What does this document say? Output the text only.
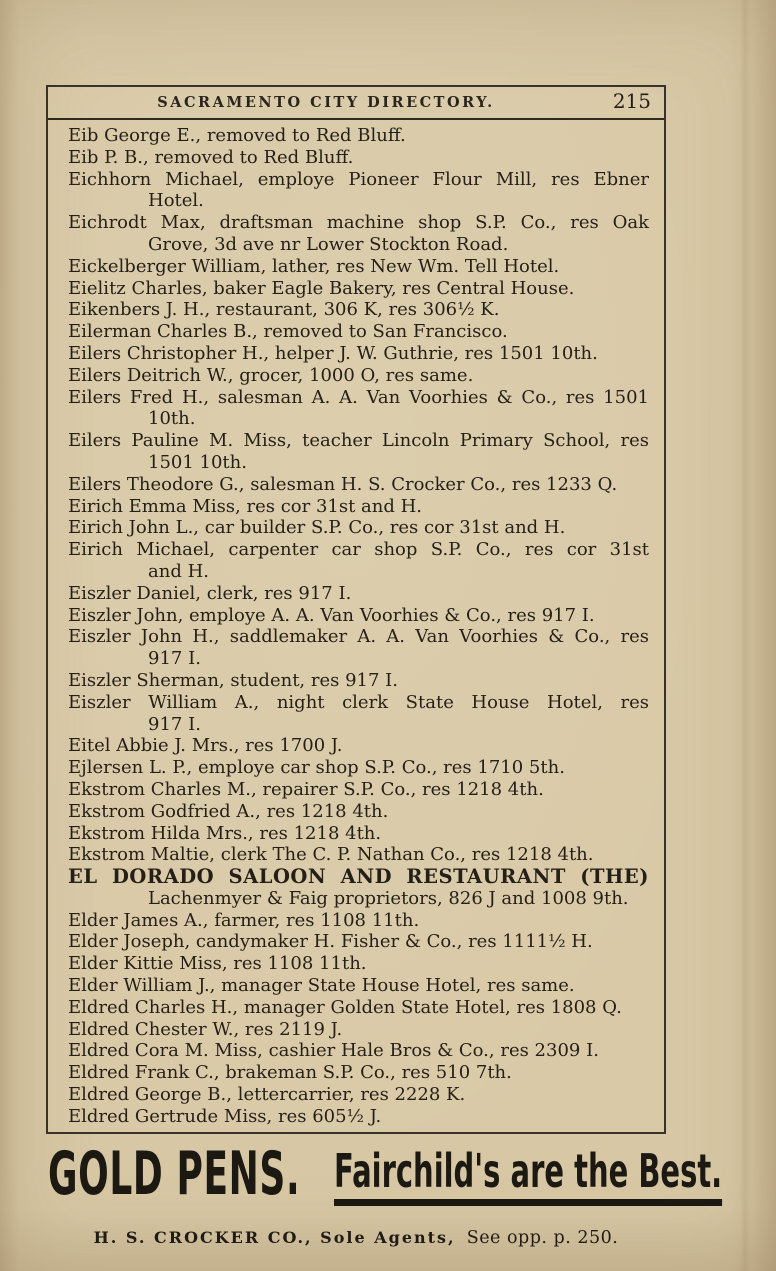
SACRAMENTO CITY DIRECTORY.	215
Eib George E., removed to Red Bluff.
Eib P. B., removed to Red Bluff.
Eichhorn Michael, employe Pioneer Flour Mill, res Ebner
Hotel.
Eichrodt Max, draftsman machine shop S.P. Co., res Oak
Grove, 3d ave nr Lower Stockton Road.
Eickelberger William, lather, res New Wm. Tell Hotel.
Eielitz Charles, baker Eagle Bakery, res Central House.
Eikenbers J. H., restaurant, 306 K, res 306½ K.
Eilerman Charles B., removed to San Francisco.
Eilers Christopher H., helper J. W. Guthrie, res 1501 10th.
Eilers Deitrich W., grocer, 1000 O, res same.
Eilers Fred H., salesman A. A. Van Voorhies & Co., res 1501
10th.
Eilers Pauline M. Miss, teacher Lincoln Primary School, res
1501 10th.
Eilers Theodore G., salesman H. S. Crocker Co., res 1233 Q.
Eirich Emma Miss, res cor 31st and H.
Eirich John L., car builder S.P. Co., res cor 31st and H.
Eirich Michael, carpenter car shop S.P. Co., res cor 31st
and H.
Eiszler Daniel, clerk, res 917 I.
Eiszler John, employe A. A. Van Voorhies & Co., res 917 I.
Eiszler John H., saddlemaker A. A. Van Voorhies & Co., res
917 I.
Eiszler Sherman, student, res 917 I.
Eiszler William A., night clerk State House Hotel, res
917 I.
Eitel Abbie J. Mrs., res 1700 J.
Ejlersen L. P., employe car shop S.P. Co., res 1710 5th.
Ekstrom Charles M., repairer S.P. Co., res 1218 4th.
Ekstrom Godfried A., res 1218 4th.
Ekstrom Hilda Mrs., res 1218 4th.
Ekstrom Maltie, clerk The C. P. Nathan Co., res 1218 4th.
EL DORADO SALOON AND RESTAURANT (THE)
Lachenmyer & Faig proprietors, 826 J and 1008 9th.
Elder James A., farmer, res 1108 11th.
Elder Joseph, candymaker H. Fisher & Co., res 1111½ H.
Elder Kittie Miss, res 1108 11th.
Elder William J., manager State House Hotel, res same.
Eldred Charles H., manager Golden State Hotel, res 1808 Q.
Eldred Chester W., res 2119 J.
Eldred Cora M. Miss, cashier Hale Bros & Co., res 2309 I.
Eldred Frank C., brakeman S.P. Co., res 510 7th.
Eldred George B., lettercarrier, res 2228 K.
Eldred Gertrude Miss, res 605½ J.
GOLD PENS. Fairchild's are the Best.
H. S. CROCKER CO., Sole Agents, See opp. p. 250.
